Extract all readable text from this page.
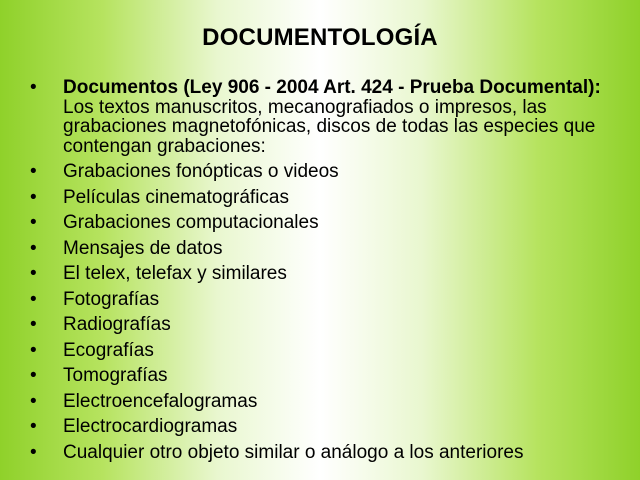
DOCUMENTOLOGÍA
• Documentos (Ley 906 - 2004 Art. 424 - Prueba Documental): Los textos manuscritos, mecanografiados o impresos, las grabaciones magnetofónicas, discos de todas las especies que contengan grabaciones:
• Grabaciones fonópticas o videos
• Películas cinematográficas
• Grabaciones computacionales
• Mensajes de datos
• El telex, telefax y similares
• Fotografías
• Radiografías
• Ecografías
• Tomografías
• Electroencefalogramas
• Electrocardiogramas
• Cualquier otro objeto similar o análogo a los anteriores
